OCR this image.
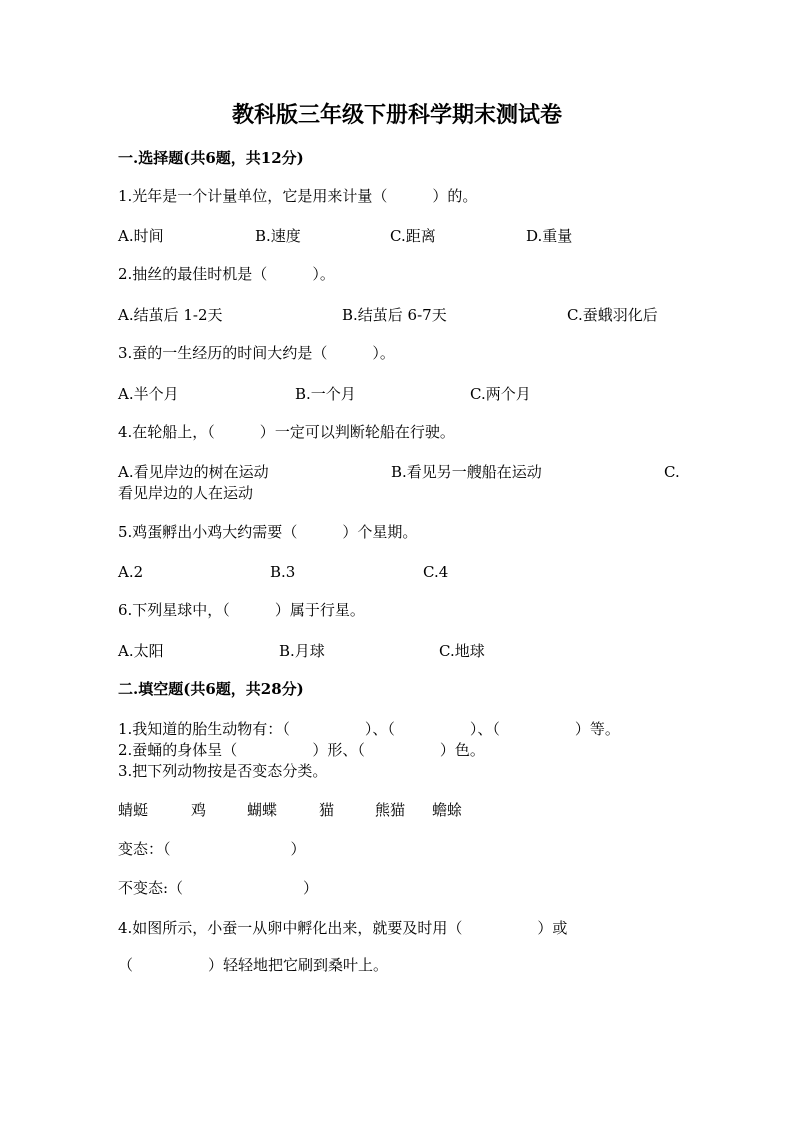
教科版三年级下册科学期末测试卷
一.选择题(共6题，共12分)
1.光年是一个计量单位，它是用来计量（　　　）的。
A.时间	B.速度	C.距离	D.重量
2.抽丝的最佳时机是（　　　）。
A.结茧后 1-2天	B.结茧后 6-7天	C.蚕蛾羽化后
3.蚕的一生经历的时间大约是（　　　）。
A.半个月	B.一个月	C.两个月
4.在轮船上，（　　　）一定可以判断轮船在行驶。
A.看见岸边的树在运动	B.看见另一艘船在运动	C.
看见岸边的人在运动
5.鸡蛋孵出小鸡大约需要（　　　）个星期。
A.2	B.3	C.4
6.下列星球中，（　　　）属于行星。
A.太阳	B.月球	C.地球
二.填空题(共6题，共28分)
1.我知道的胎生动物有：（　　　　　）、（　　　　　）、（　　　　　）等。
2.蚕蛹的身体呈（　　　　　）形、（　　　　　）色。
3.把下列动物按是否变态分类。
蜻蜓	鸡	蝴蝶	猫	熊猫 蟾蜍
变态：（　　　　　　　　）
不变态:（　　　　　　　　）
4.如图所示，小蚕一从卵中孵化出来，就要及时用（　　　　　）或
（　　　　　）轻轻地把它刷到桑叶上。
